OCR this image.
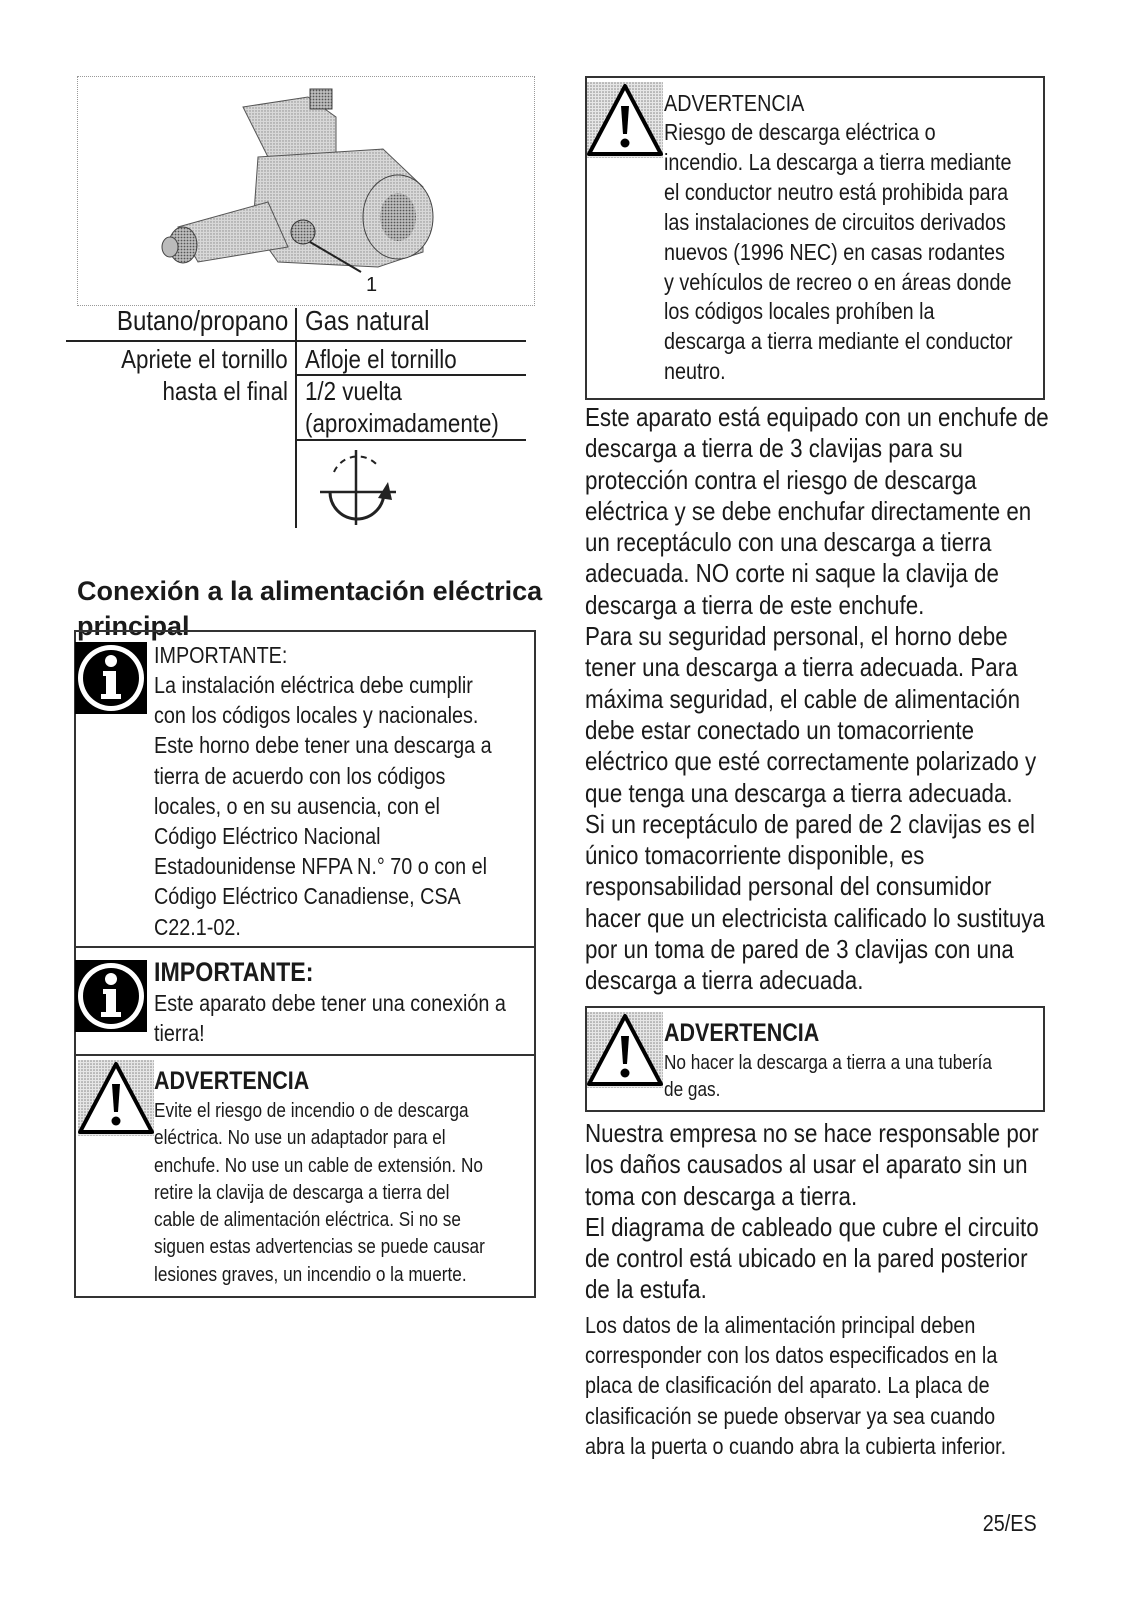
1
Butano/propano Gas natural
Apriete el tornillo
hasta el final
Afloje el tornillo
1/2 vuelta
(aproximadamente)
Conexión a la alimentación eléctrica
principal
IMPORTANTE:
La instalación eléctrica debe cumplir
con los códigos locales y nacionales.
Este horno debe tener una descarga a
tierra de acuerdo con los códigos
locales, o en su ausencia, con el
Código Eléctrico Nacional
Estadounidense NFPA N.° 70 o con el
Código Eléctrico Canadiense, CSA
C22.1-02.
IMPORTANTE:
Este aparato debe tener una conexión a
tierra!
ADVERTENCIA
Evite el riesgo de incendio o de descarga
eléctrica. No use un adaptador para el
enchufe. No use un cable de extensión. No
retire la clavija de descarga a tierra del
cable de alimentación eléctrica. Si no se
siguen estas advertencias se puede causar
lesiones graves, un incendio o la muerte.
ADVERTENCIA
Riesgo de descarga eléctrica o
incendio. La descarga a tierra mediante
el conductor neutro está prohibida para
las instalaciones de circuitos derivados
nuevos (1996 NEC) en casas rodantes
y vehículos de recreo o en áreas donde
los códigos locales prohíben la
descarga a tierra mediante el conductor
neutro.
Este aparato está equipado con un enchufe de
descarga a tierra de 3 clavijas para su
protección contra el riesgo de descarga
eléctrica y se debe enchufar directamente en
un receptáculo con una descarga a tierra
adecuada. NO corte ni saque la clavija de
descarga a tierra de este enchufe.
Para su seguridad personal, el horno debe
tener una descarga a tierra adecuada. Para
máxima seguridad, el cable de alimentación
debe estar conectado un tomacorriente
eléctrico que esté correctamente polarizado y
que tenga una descarga a tierra adecuada.
Si un receptáculo de pared de 2 clavijas es el
único tomacorriente disponible, es
responsabilidad personal del consumidor
hacer que un electricista calificado lo sustituya
por un toma de pared de 3 clavijas con una
descarga a tierra adecuada.
ADVERTENCIA
No hacer la descarga a tierra a una tubería
de gas.
Nuestra empresa no se hace responsable por
los daños causados al usar el aparato sin un
toma con descarga a tierra.
El diagrama de cableado que cubre el circuito
de control está ubicado en la pared posterior
de la estufa.
Los datos de la alimentación principal deben
corresponder con los datos especificados en la
placa de clasificación del aparato. La placa de
clasificación se puede observar ya sea cuando
abra la puerta o cuando abra la cubierta inferior.
25/ES
